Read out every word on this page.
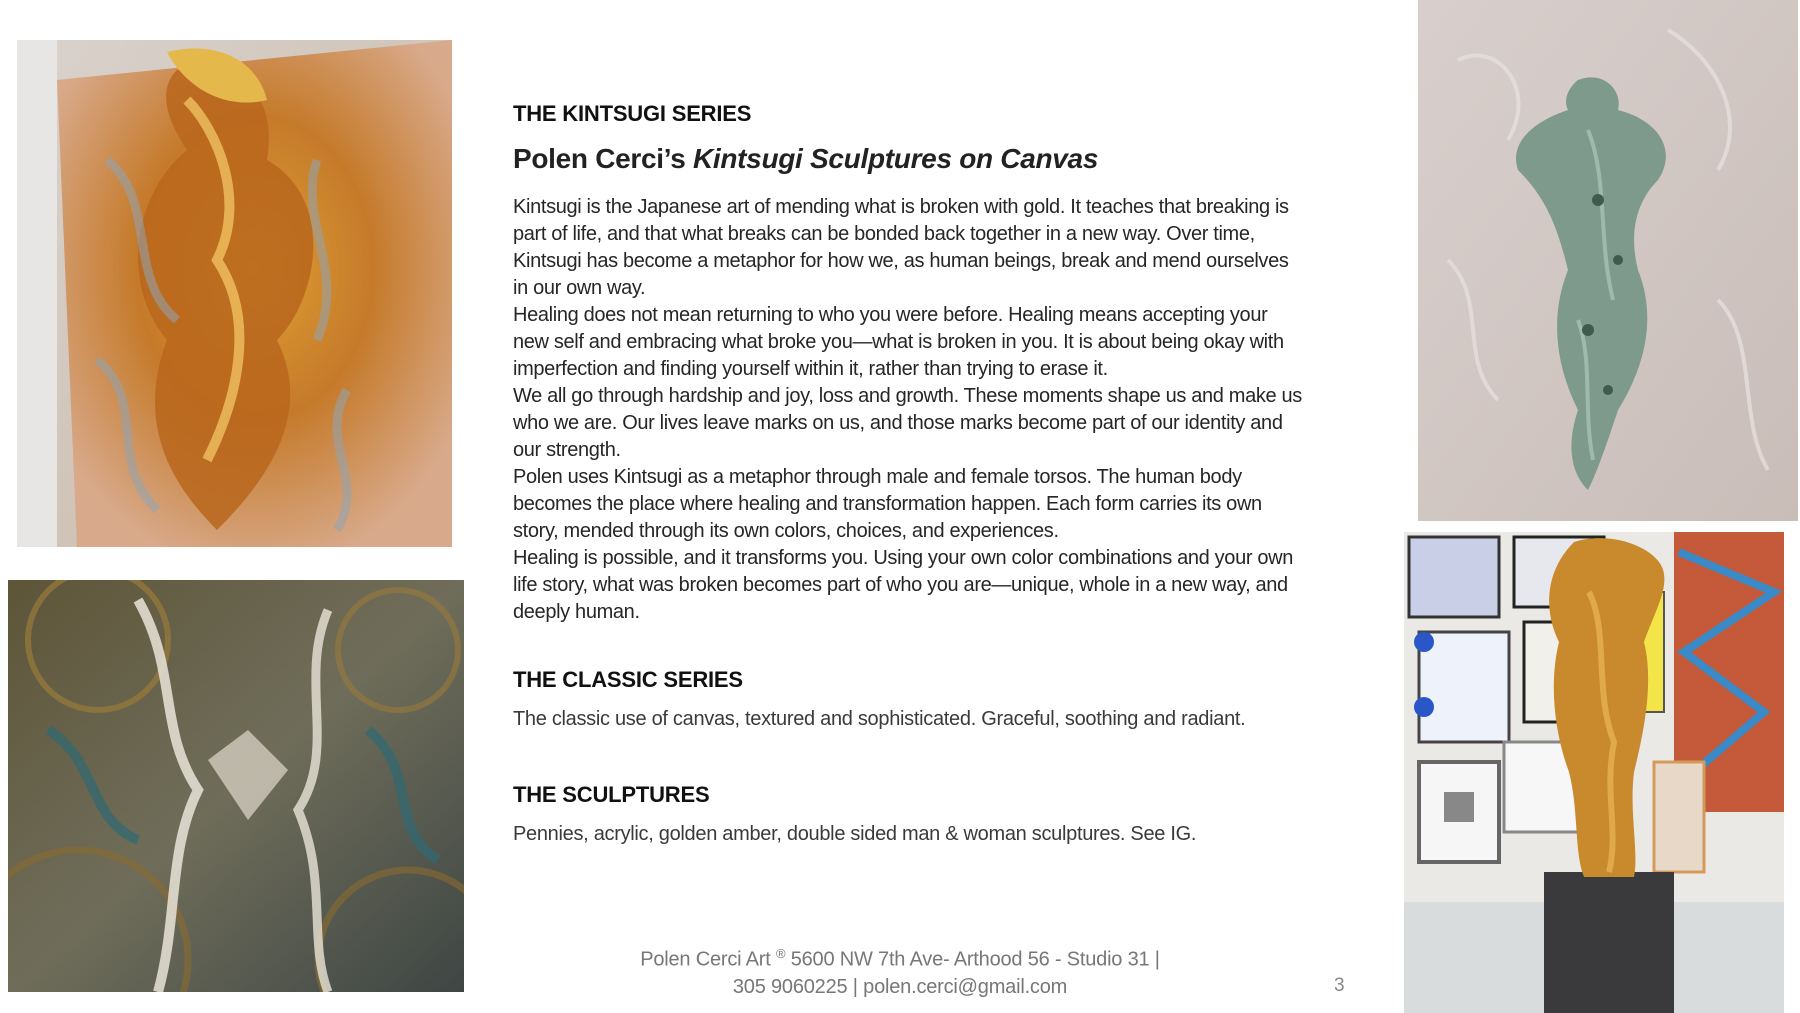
THE KINTSUGI SERIES
Polen Cerci’s Kintsugi Sculptures on Canvas

Kintsugi is the Japanese art of mending what is broken with gold. It teaches that breaking is part of life, and that what breaks can be bonded back together in a new way. Over time, Kintsugi has become a metaphor for how we, as human beings, break and mend ourselves in our own way.

Healing does not mean returning to who you were before. Healing means accepting your new self and embracing what broke you—what is broken in you. It is about being okay with imperfection and finding yourself within it, rather than trying to erase it.

We all go through hardship and joy, loss and growth. These moments shape us and make us who we are. Our lives leave marks on us, and those marks become part of our identity and our strength.

Polen uses Kintsugi as a metaphor through male and female torsos. The human body becomes the place where healing and transformation happen. Each form carries its own story, mended through its own colors, choices, and experiences.

Healing is possible, and it transforms you. Using your own color combinations and your own life story, what was broken becomes part of who you are—unique, whole in a new way, and deeply human.

THE CLASSIC SERIES
The classic use of canvas, textured and sophisticated. Graceful, soothing and radiant.
THE SCULPTURES
Pennies, acrylic, golden amber, double sided man & woman sculptures. See IG.
Polen Cerci Art ® 5600 NW 7th Ave- Arthood 56 - Studio 31 |
305 9060225 | polen.cerci@gmail.com	3
